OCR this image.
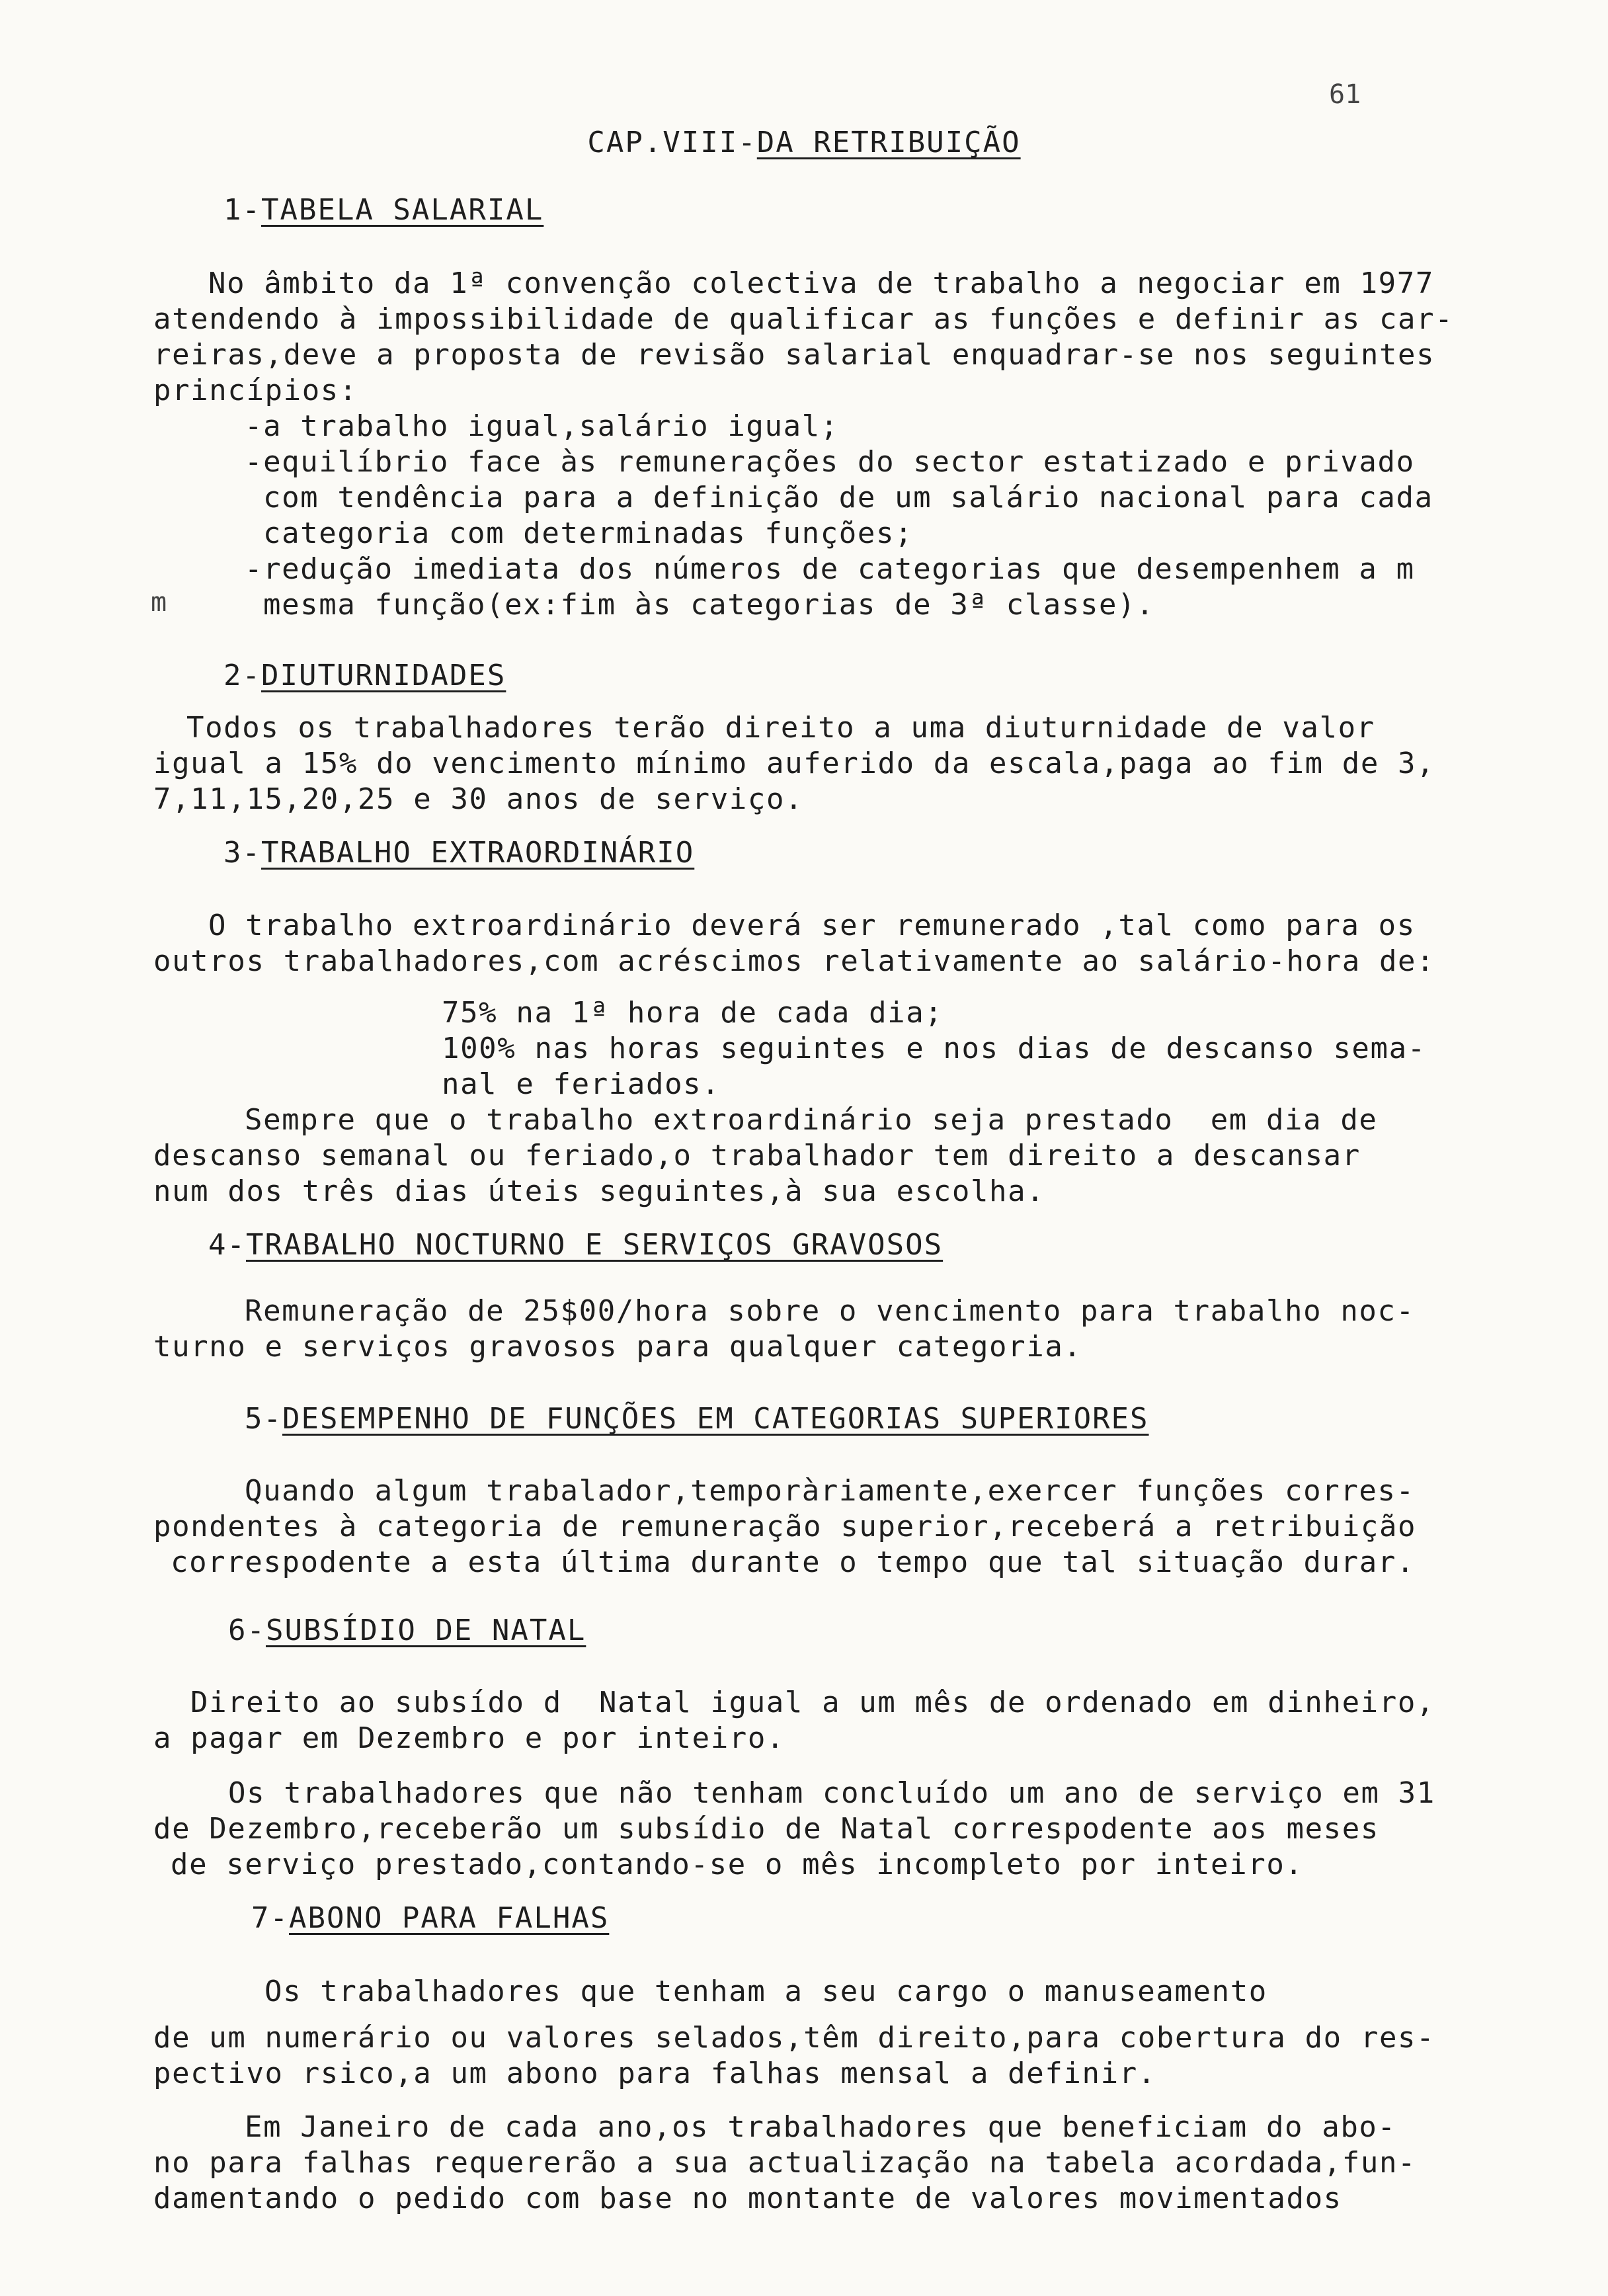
61
CAP.VIII-DA RETRIBUIÇÃO
1-TABELA SALARIAL
No âmbito da 1ª convenção colectiva de trabalho a negociar em 1977
atendendo à impossibilidade de qualificar as funções e definir as car-
reiras,deve a proposta de revisão salarial enquadrar-se nos seguintes
princípios:
-a trabalho igual,salário igual;
-equilíbrio face às remunerações do sector estatizado e privado
com tendência para a definição de um salário nacional para cada
categoria com determinadas funções;
-redução imediata dos números de categorias que desempenhem a m
m	mesma função(ex:fim às categorias de 3ª classe).
2-DIUTURNIDADES
Todos os trabalhadores terão direito a uma diuturnidade de valor
igual a 15% do vencimento mínimo auferido da escala,paga ao fim de 3,
7,11,15,20,25 e 30 anos de serviço.
3-TRABALHO EXTRAORDINÁRIO
O trabalho extroardinário deverá ser remunerado ,tal como para os
outros trabalhadores,com acréscimos relativamente ao salário-hora de:
75% na 1ª hora de cada dia;
100% nas horas seguintes e nos dias de descanso sema-
nal e feriados.
Sempre que o trabalho extroardinário seja prestado  em dia de
descanso semanal ou feriado,o trabalhador tem direito a descansar
num dos três dias úteis seguintes,à sua escolha.
4-TRABALHO NOCTURNO E SERVIÇOS GRAVOSOS
Remuneração de 25$00/hora sobre o vencimento para trabalho noc-
turno e serviços gravosos para qualquer categoria.
5-DESEMPENHO DE FUNÇÕES EM CATEGORIAS SUPERIORES
Quando algum trabalador,temporàriamente,exercer funções corres-
pondentes à categoria de remuneração superior,receberá a retribuição
correspodente a esta última durante o tempo que tal situação durar.
6-SUBSÍDIO DE NATAL
Direito ao subsído d  Natal igual a um mês de ordenado em dinheiro,
a pagar em Dezembro e por inteiro.
Os trabalhadores que não tenham concluído um ano de serviço em 31
de Dezembro,receberão um subsídio de Natal correspodente aos meses
de serviço prestado,contando-se o mês incompleto por inteiro.
7-ABONO PARA FALHAS
Os trabalhadores que tenham a seu cargo o manuseamento
de um numerário ou valores selados,têm direito,para cobertura do res-
pectivo rsico,a um abono para falhas mensal a definir.
Em Janeiro de cada ano,os trabalhadores que beneficiam do abo-
no para falhas requererão a sua actualização na tabela acordada,fun-
damentando o pedido com base no montante de valores movimentados
